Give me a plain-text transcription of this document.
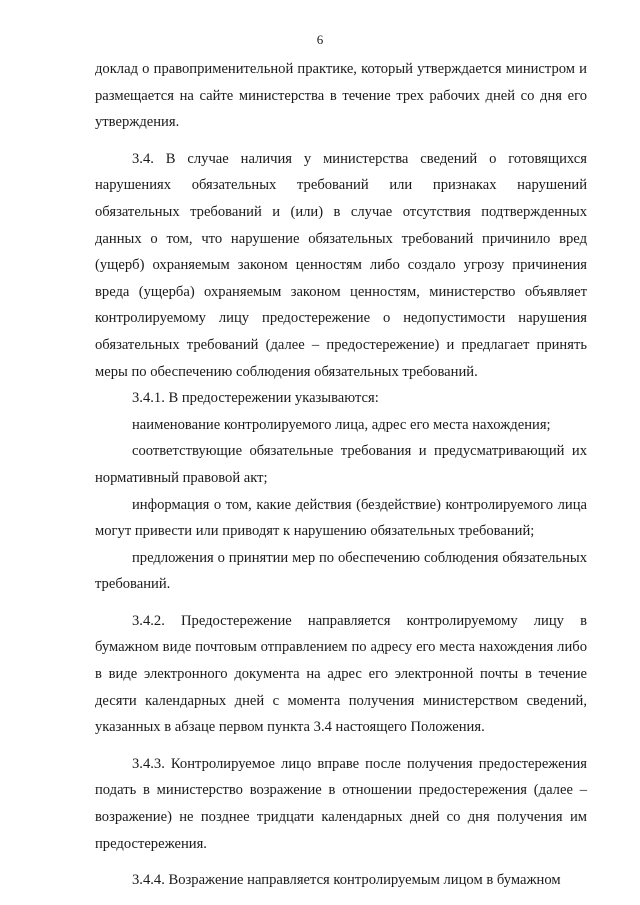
6

доклад о правоприменительной практике, который утверждается министром и размещается на сайте министерства в течение трех рабочих дней со дня его утверждения.

3.4. В случае наличия у министерства сведений о готовящихся нарушениях обязательных требований или признаках нарушений обязательных требований и (или) в случае отсутствия подтвержденных данных о том, что нарушение обязательных требований причинило вред (ущерб) охраняемым законом ценностям либо создало угрозу причинения вреда (ущерба) охраняемым законом ценностям, министерство объявляет контролируемому лицу предостережение о недопустимости нарушения обязательных требований (далее – предостережение) и предлагает принять меры по обеспечению соблюдения обязательных требований.

3.4.1. В предостережении указываются:

наименование контролируемого лица, адрес его места нахождения;

соответствующие обязательные требования и предусматривающий их нормативный правовой акт;

информация о том, какие действия (бездействие) контролируемого лица могут привести или приводят к нарушению обязательных требований;

предложения о принятии мер по обеспечению соблюдения обязательных требований.

3.4.2. Предостережение направляется контролируемому лицу в бумажном виде почтовым отправлением по адресу его места нахождения либо в виде электронного документа на адрес его электронной почты в течение десяти календарных дней с момента получения министерством сведений, указанных в абзаце первом пункта 3.4 настоящего Положения.

3.4.3. Контролируемое лицо вправе после получения предостережения подать в министерство возражение в отношении предостережения (далее – возражение) не позднее тридцати календарных дней со дня получения им предостережения.

3.4.4. Возражение направляется контролируемым лицом в бумажном
